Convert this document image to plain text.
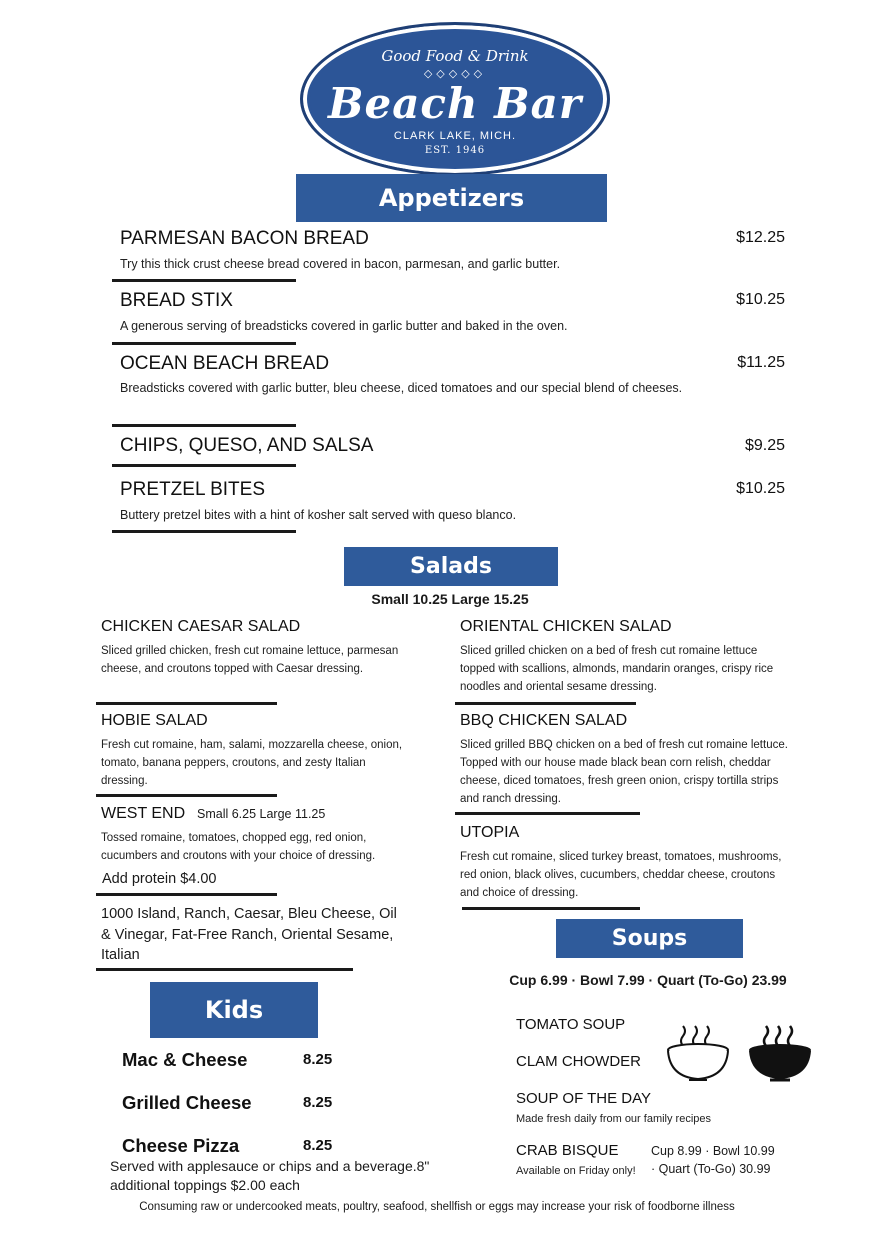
Good Food & Drink
◇◇◇◇◇
Beach Bar
CLARK LAKE, MICH.
EST. 1946
Appetizers
PARMESAN BACON BREAD	$12.25
Try this thick crust cheese bread covered in bacon, parmesan, and garlic butter.
BREAD STIX	$10.25
A generous serving of breadsticks covered in garlic butter and baked in the oven.
OCEAN BEACH BREAD	$11.25
Breadsticks covered with garlic butter, bleu cheese, diced tomatoes and our special blend of cheeses.
CHIPS, QUESO, AND SALSA	$9.25
PRETZEL BITES	$10.25
Buttery pretzel bites with a hint of kosher salt served with queso blanco.
Salads
Small 10.25 Large 15.25
CHICKEN CAESAR SALAD
Sliced grilled chicken, fresh cut romaine lettuce, parmesan cheese, and croutons topped with Caesar dressing.
HOBIE SALAD
Fresh cut romaine, ham, salami, mozzarella cheese, onion, tomato, banana peppers, croutons, and zesty Italian dressing.
WEST END Small 6.25 Large 11.25
Tossed romaine, tomatoes, chopped egg, red onion, cucumbers and croutons with your choice of dressing.
Add protein $4.00
1000 Island, Ranch, Caesar, Bleu Cheese, Oil & Vinegar, Fat-Free Ranch, Oriental Sesame, Italian
ORIENTAL CHICKEN SALAD
Sliced grilled chicken on a bed of fresh cut romaine lettuce topped with scallions, almonds, mandarin oranges, crispy rice noodles and oriental sesame dressing.
BBQ CHICKEN SALAD
Sliced grilled BBQ chicken on a bed of fresh cut romaine lettuce. Topped with our house made black bean corn relish, cheddar cheese, diced tomatoes, fresh green onion, crispy tortilla strips and ranch dressing.
UTOPIA
Fresh cut romaine, sliced turkey breast, tomatoes, mushrooms, red onion, black olives, cucumbers, cheddar cheese, croutons and choice of dressing.
Kids
Mac & Cheese	8.25
Grilled Cheese	8.25
Cheese Pizza	8.25
Served with applesauce or chips and a beverage.8" additional toppings $2.00 each
Soups
Cup 6.99 · Bowl 7.99 · Quart (To-Go) 23.99
TOMATO SOUP
CLAM CHOWDER
SOUP OF THE DAY
Made fresh daily from our family recipes
CRAB BISQUE
Available on Friday only!
Cup 8.99 · Bowl 10.99
· Quart (To-Go) 30.99
Consuming raw or undercooked meats, poultry, seafood, shellfish or eggs may increase your risk of foodborne illness
